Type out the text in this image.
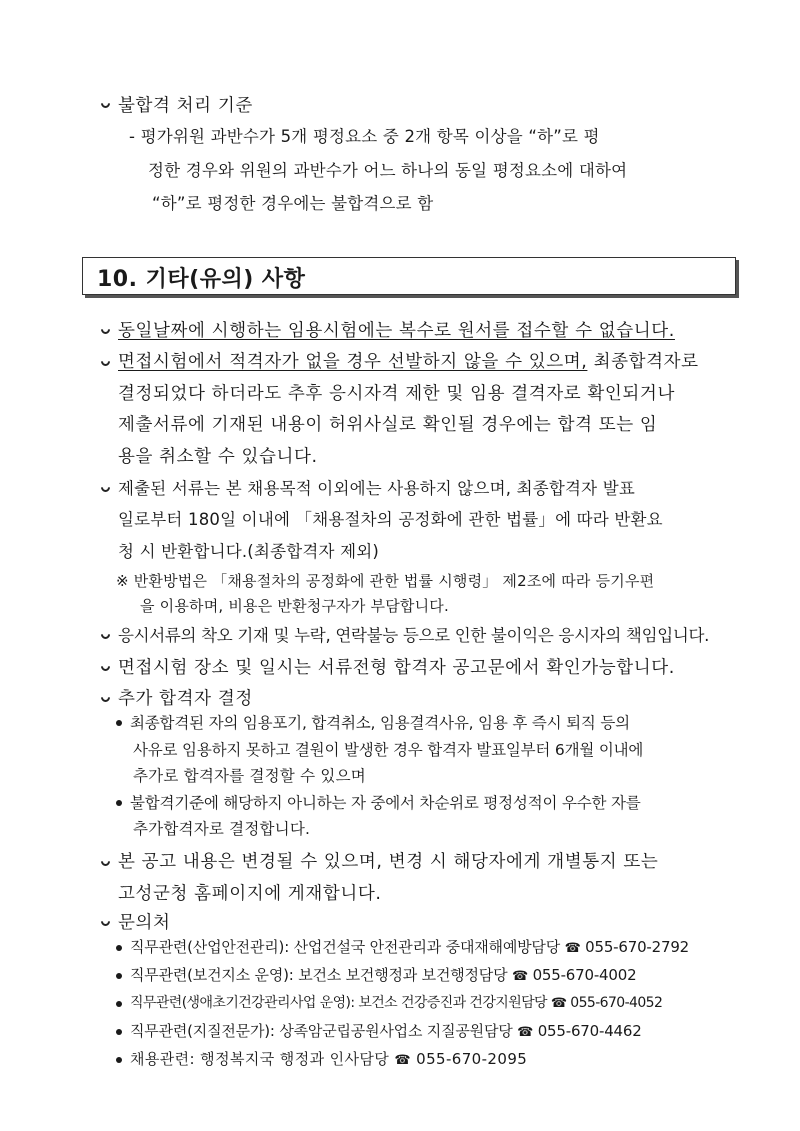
불합격 처리 기준
- 평가위원 과반수가 5개 평정요소 중 2개 항목 이상을 “하”로 평
정한 경우와 위원의 과반수가 어느 하나의 동일 평정요소에 대하여
“하”로 평정한 경우에는 불합격으로 함
10. 기타(유의) 사항
동일날짜에 시행하는 임용시험에는 복수로 원서를 접수할 수 없습니다.
면접시험에서 적격자가 없을 경우 선발하지 않을 수 있으며, 최종합격자로
결정되었다 하더라도 추후 응시자격 제한 및 임용 결격자로 확인되거나
제출서류에 기재된 내용이 허위사실로 확인될 경우에는 합격 또는 임
용을 취소할 수 있습니다.
제출된 서류는 본 채용목적 이외에는 사용하지 않으며, 최종합격자 발표
일로부터 180일 이내에 「채용절차의 공정화에 관한 법률」에 따라 반환요
청 시 반환합니다.(최종합격자 제외)
※ 반환방법은 「채용절차의 공정화에 관한 법률 시행령」 제2조에 따라 등기우편
을 이용하며, 비용은 반환청구자가 부담합니다.
응시서류의 착오 기재 및 누락, 연락불능 등으로 인한 불이익은 응시자의 책임입니다.
면접시험 장소 및 일시는 서류전형 합격자 공고문에서 확인가능합니다.
추가 합격자 결정
최종합격된 자의 임용포기, 합격취소, 임용결격사유, 임용 후 즉시 퇴직 등의
사유로 임용하지 못하고 결원이 발생한 경우 합격자 발표일부터 6개월 이내에
추가로 합격자를 결정할 수 있으며
불합격기준에 해당하지 아니하는 자 중에서 차순위로 평정성적이 우수한 자를
추가합격자로 결정합니다.
본 공고 내용은 변경될 수 있으며, 변경 시 해당자에게 개별통지 또는
고성군청 홈페이지에 게재합니다.
문의처
직무관련(산업안전관리): 산업건설국 안전관리과 중대재해예방담당 ☎ 055-670-2792
직무관련(보건지소 운영): 보건소 보건행정과 보건행정담당 ☎ 055-670-4002
직무관련(생애초기건강관리사업 운영): 보건소 건강증진과 건강지원담당 ☎ 055-670-4052
직무관련(지질전문가): 상족암군립공원사업소 지질공원담당 ☎ 055-670-4462
채용관련: 행정복지국 행정과 인사담당 ☎ 055-670-2095
